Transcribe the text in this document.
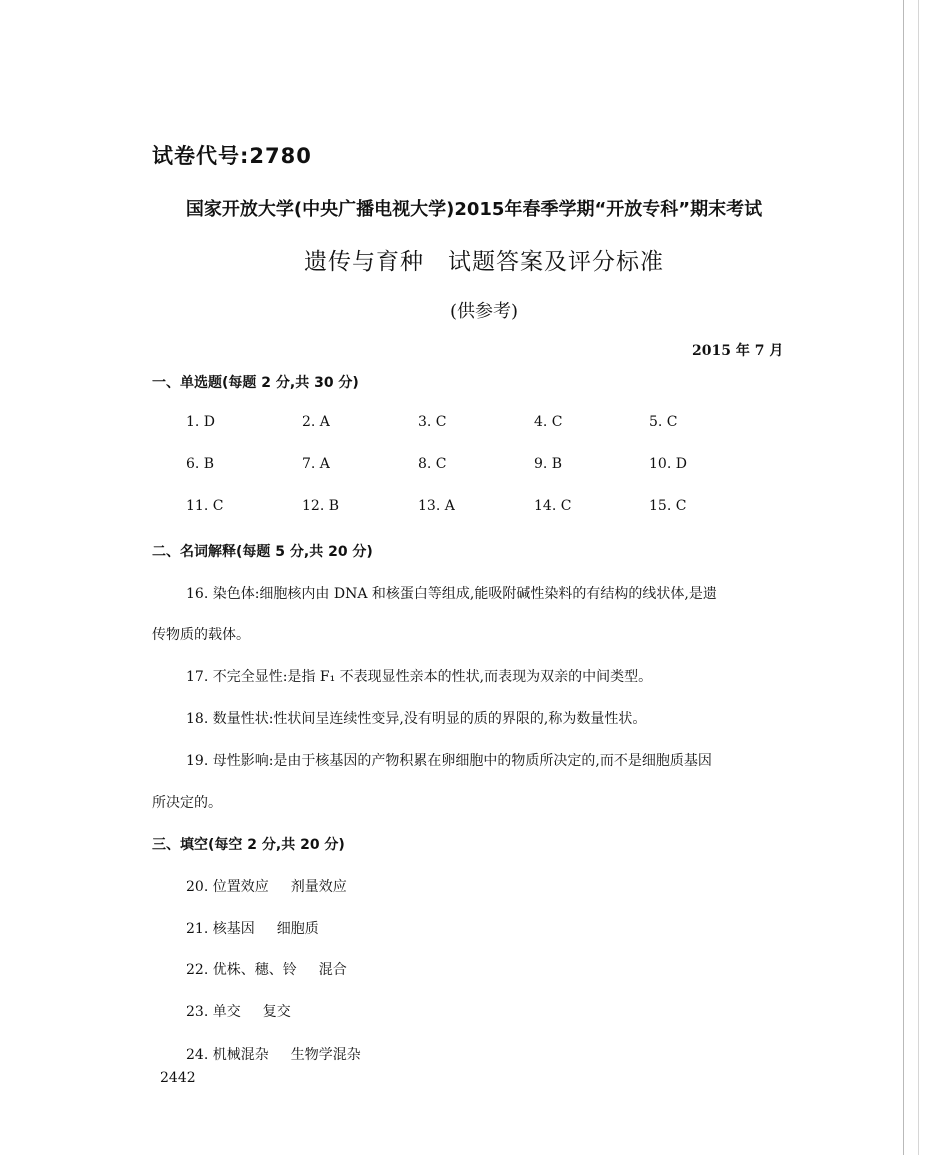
试卷代号:2780
国家开放大学(中央广播电视大学)2015年春季学期“开放专科”期末考试
遗传与育种　试题答案及评分标准
(供参考)
2015 年 7 月
一、单选题(每题 2 分,共 30 分)
1. D	2. A	3. C	4. C	5. C
6. B	7. A	8. C	9. B	10. D
11. C	12. B	13. A	14. C	15. C
二、名词解释(每题 5 分,共 20 分)
16. 染色体:细胞核内由 DNA 和核蛋白等组成,能吸附碱性染料的有结构的线状体,是遗
传物质的载体。
17. 不完全显性:是指 F₁ 不表现显性亲本的性状,而表现为双亲的中间类型。
18. 数量性状:性状间呈连续性变异,没有明显的质的界限的,称为数量性状。
19. 母性影响:是由于核基因的产物积累在卵细胞中的物质所决定的,而不是细胞质基因
所决定的。
三、填空(每空 2 分,共 20 分)
20. 位置效应 剂量效应
21. 核基因 细胞质
22. 优株、穗、铃 混合
23. 单交 复交
24. 机械混杂 生物学混杂
2442
